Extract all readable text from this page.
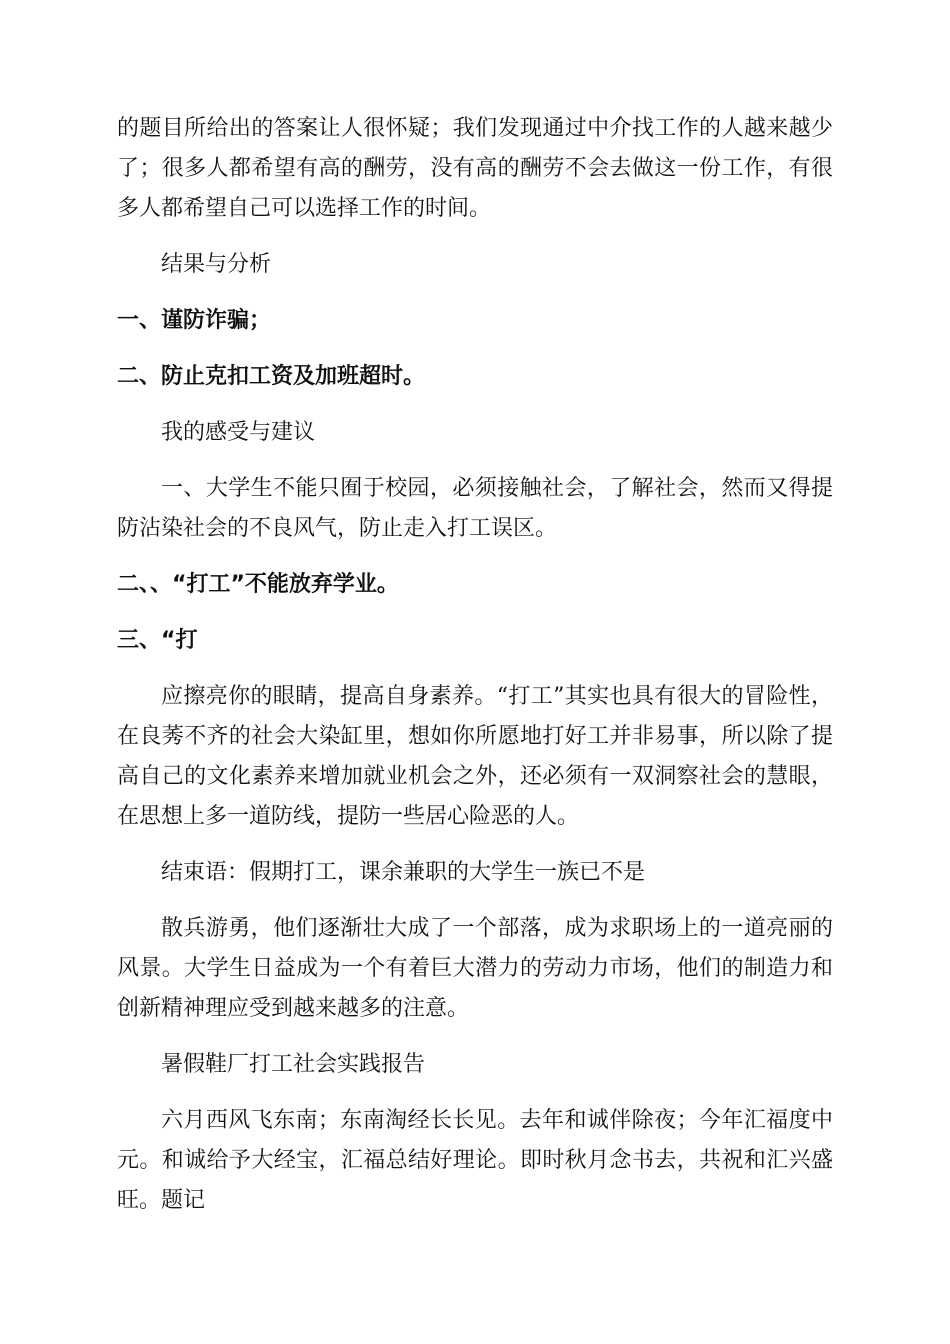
的题目所给出的答案让人很怀疑；我们发现通过中介找工作的人越来越少了；很多人都希望有高的酬劳，没有高的酬劳不会去做这一份工作，有很多人都希望自己可以选择工作的时间。

结果与分析

一、谨防诈骗；

二、防止克扣工资及加班超时。

我的感受与建议

一、大学生不能只囿于校园，必须接触社会，了解社会，然而又得提防沾染社会的不良风气，防止走入打工误区。

二、、“打工”不能放弃学业。

三、“打

应擦亮你的眼睛，提高自身素养。“打工”其实也具有很大的冒险性，在良莠不齐的社会大染缸里，想如你所愿地打好工并非易事，所以除了提高自己的文化素养来增加就业机会之外，还必须有一双洞察社会的慧眼，在思想上多一道防线，提防一些居心险恶的人。

结束语：假期打工，课余兼职的大学生一族已不是

散兵游勇，他们逐渐壮大成了一个部落，成为求职场上的一道亮丽的风景。大学生日益成为一个有着巨大潜力的劳动力市场，他们的制造力和创新精神理应受到越来越多的注意。

暑假鞋厂打工社会实践报告

六月西风飞东南；东南淘经长长见。去年和诚伴除夜；今年汇福度中元。和诚给予大经宝，汇福总结好理论。即时秋月念书去，共祝和汇兴盛旺。题记
